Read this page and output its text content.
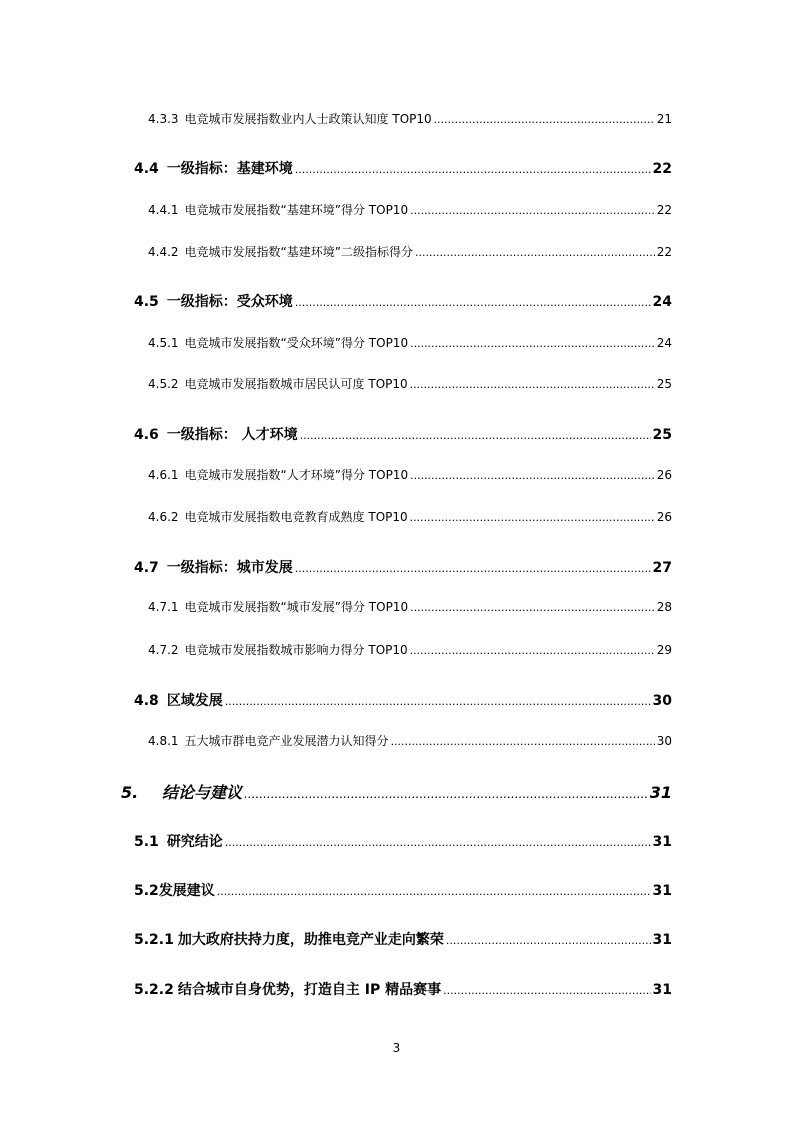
4.3.3 电竞城市发展指数业内人士政策认知度 TOP10 .....	21
4.4 一级指标：基建环境 .....	22
4.4.1 电竞城市发展指数“基建环境”得分 TOP10 .....	22
4.4.2 电竞城市发展指数“基建环境”二级指标得分 .....	22
4.5 一级指标：受众环境 .....	24
4.5.1 电竞城市发展指数“受众环境”得分 TOP10 .....	24
4.5.2 电竞城市发展指数城市居民认可度 TOP10 .....	25
4.6 一级指标： 人才环境 .....	25
4.6.1 电竞城市发展指数“人才环境”得分 TOP10 .....	26
4.6.2 电竞城市发展指数电竞教育成熟度 TOP10 .....	26
4.7 一级指标：城市发展 .....	27
4.7.1 电竞城市发展指数“城市发展”得分 TOP10 .....	28
4.7.2 电竞城市发展指数城市影响力得分 TOP10 .....	29
4.8 区域发展 .....	30
4.8.1 五大城市群电竞产业发展潜力认知得分 .....	30
5.	结论与建议 .....	31
5.1 研究结论 .....	31
5.2 发展建议 .....	31
5.2.1 加大政府扶持力度，助推电竞产业走向繁荣 .....	31
5.2.2 结合城市自身优势，打造自主 IP 精品赛事 .....	31
3
